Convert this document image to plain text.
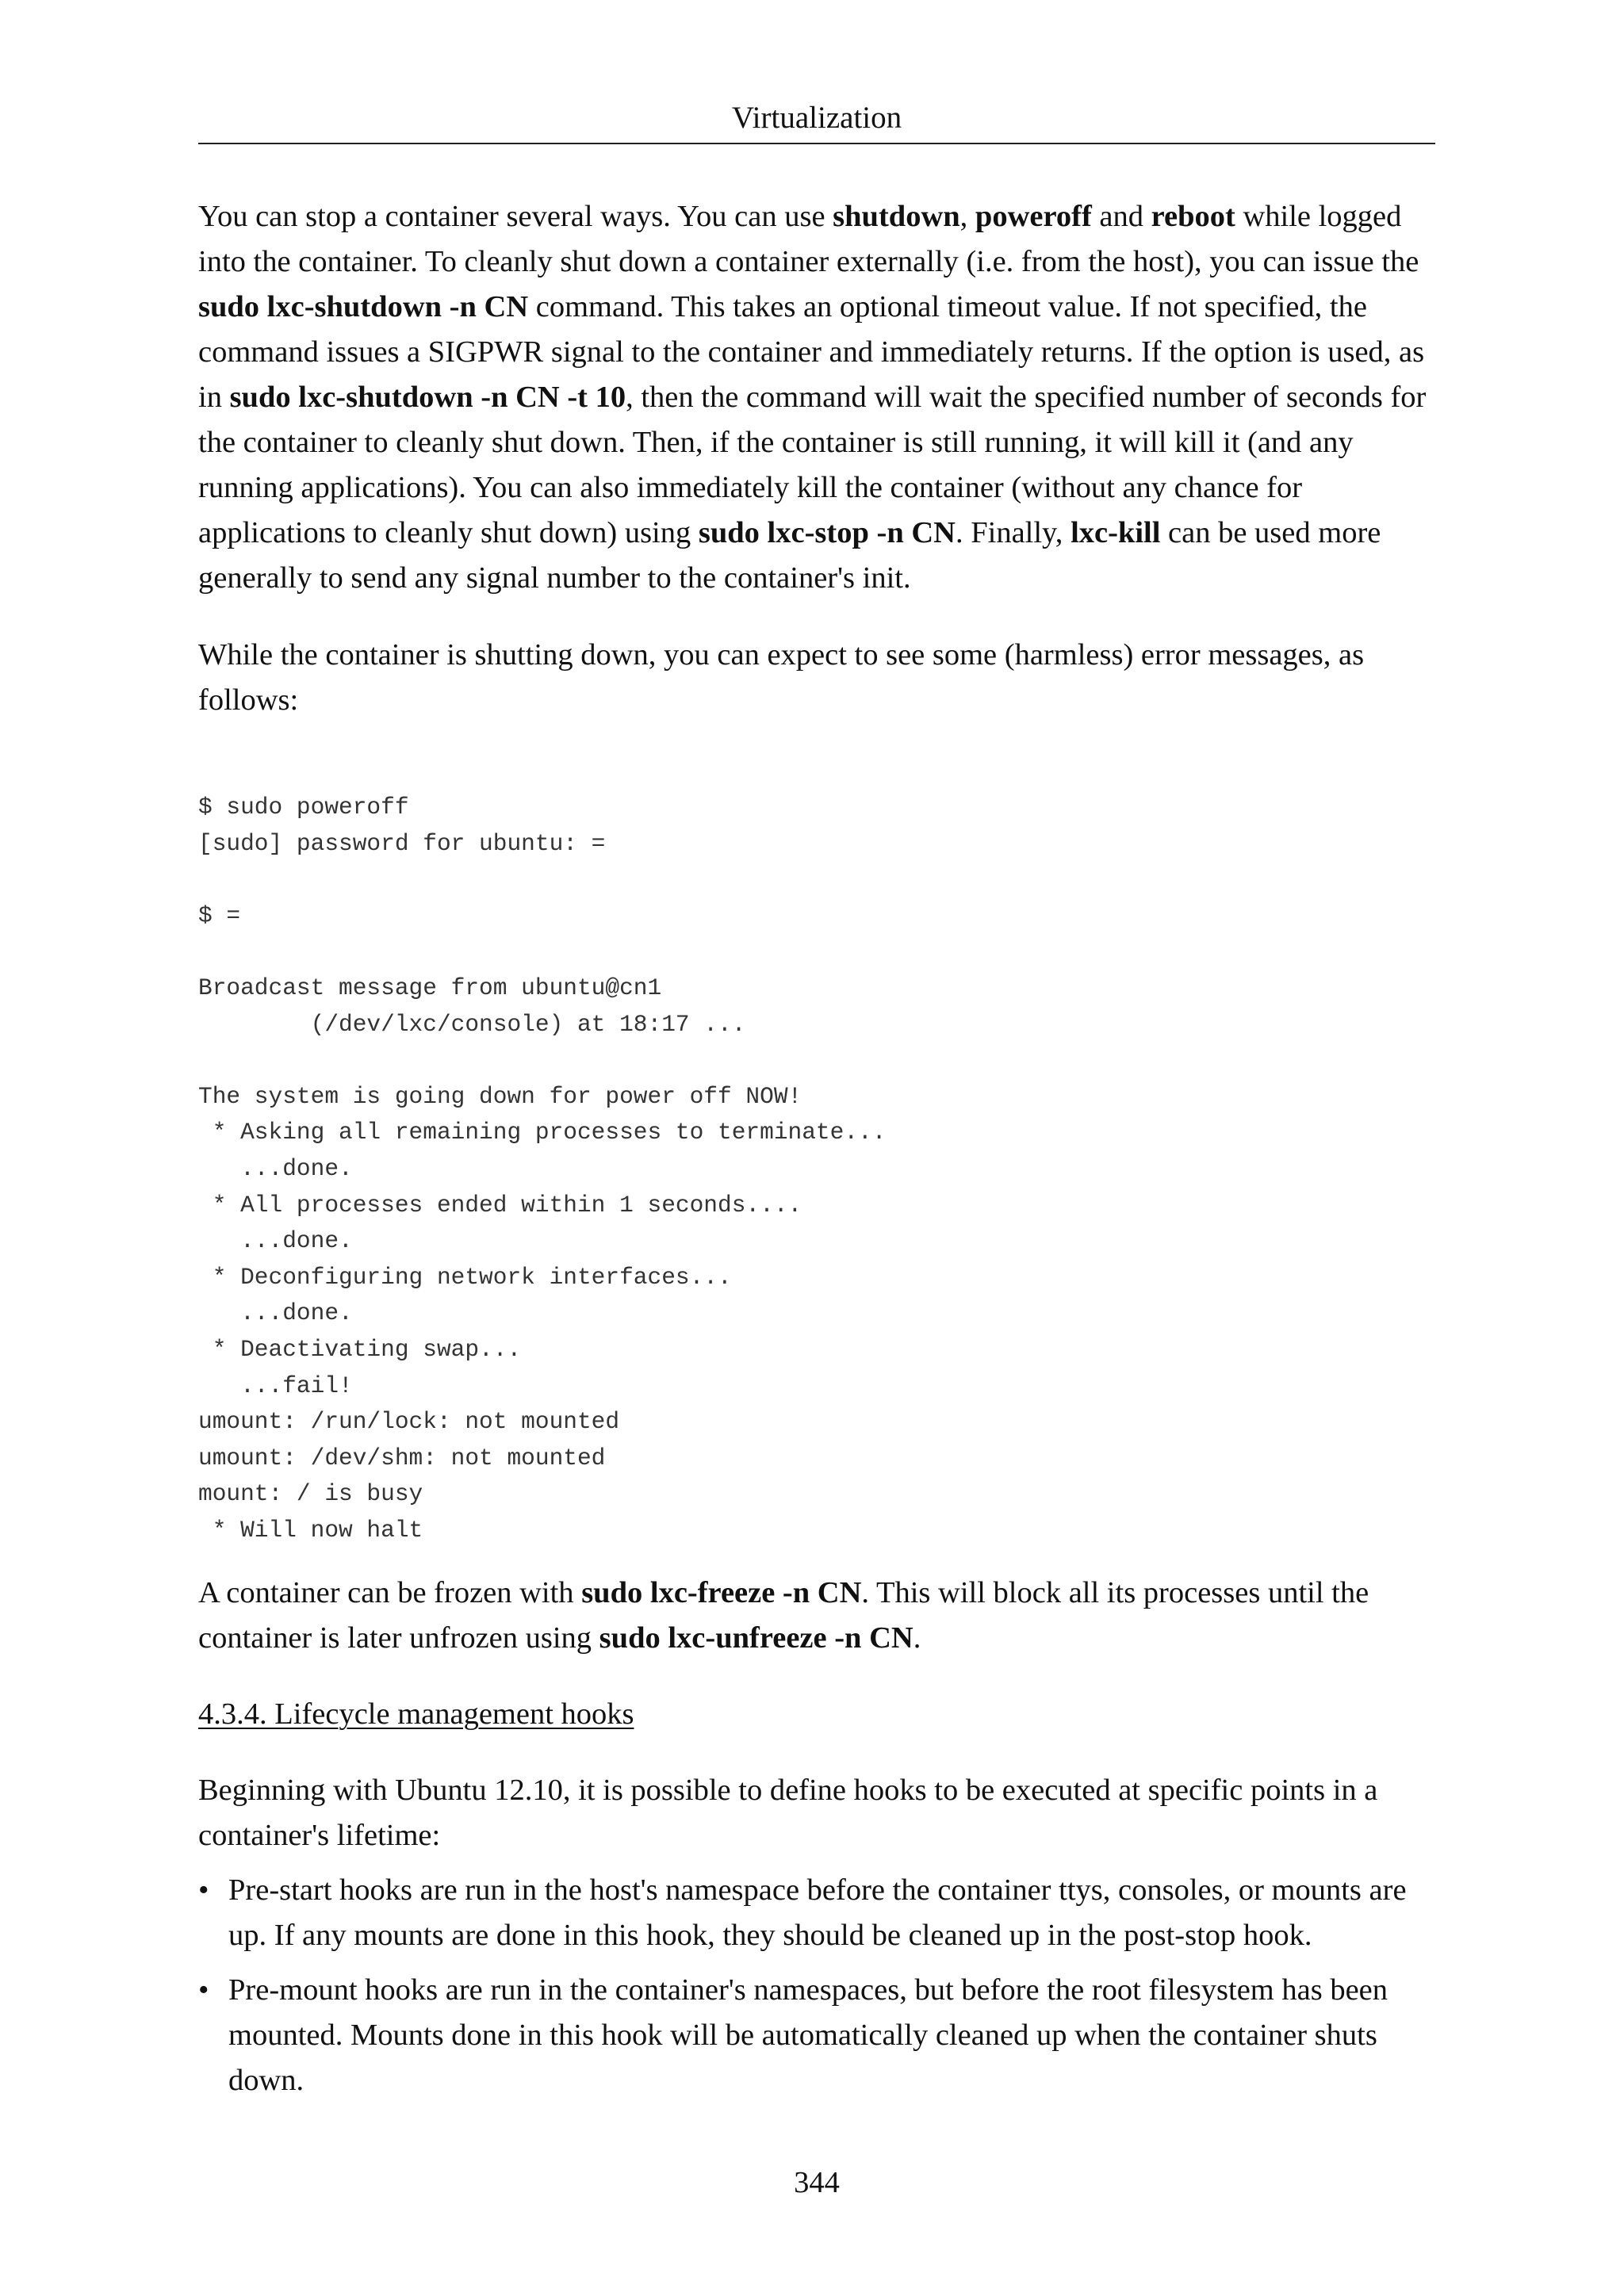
Virtualization

You can stop a container several ways. You can use shutdown, poweroff and reboot while logged into the container. To cleanly shut down a container externally (i.e. from the host), you can issue the sudo lxc-shutdown -n CN command. This takes an optional timeout value. If not specified, the command issues a SIGPWR signal to the container and immediately returns. If the option is used, as in sudo lxc-shutdown -n CN -t 10, then the command will wait the specified number of seconds for the container to cleanly shut down. Then, if the container is still running, it will kill it (and any running applications). You can also immediately kill the container (without any chance for applications to cleanly shut down) using sudo lxc-stop -n CN. Finally, lxc-kill can be used more generally to send any signal number to the container's init.

While the container is shutting down, you can expect to see some (harmless) error messages, as follows:

$ sudo poweroff
[sudo] password for ubuntu: =

$ =

Broadcast message from ubuntu@cn1
(/dev/lxc/console) at 18:17 ...

The system is going down for power off NOW!
* Asking all remaining processes to terminate...
...done.
* All processes ended within 1 seconds....
...done.
* Deconfiguring network interfaces...
...done.
* Deactivating swap...
...fail!
umount: /run/lock: not mounted
umount: /dev/shm: not mounted
mount: / is busy
* Will now halt

A container can be frozen with sudo lxc-freeze -n CN. This will block all its processes until the container is later unfrozen using sudo lxc-unfreeze -n CN.

4.3.4. Lifecycle management hooks

Beginning with Ubuntu 12.10, it is possible to define hooks to be executed at specific points in a container's lifetime:

• Pre-start hooks are run in the host's namespace before the container ttys, consoles, or mounts are up. If any mounts are done in this hook, they should be cleaned up in the post-stop hook.
• Pre-mount hooks are run in the container's namespaces, but before the root filesystem has been mounted. Mounts done in this hook will be automatically cleaned up when the container shuts down.
344
